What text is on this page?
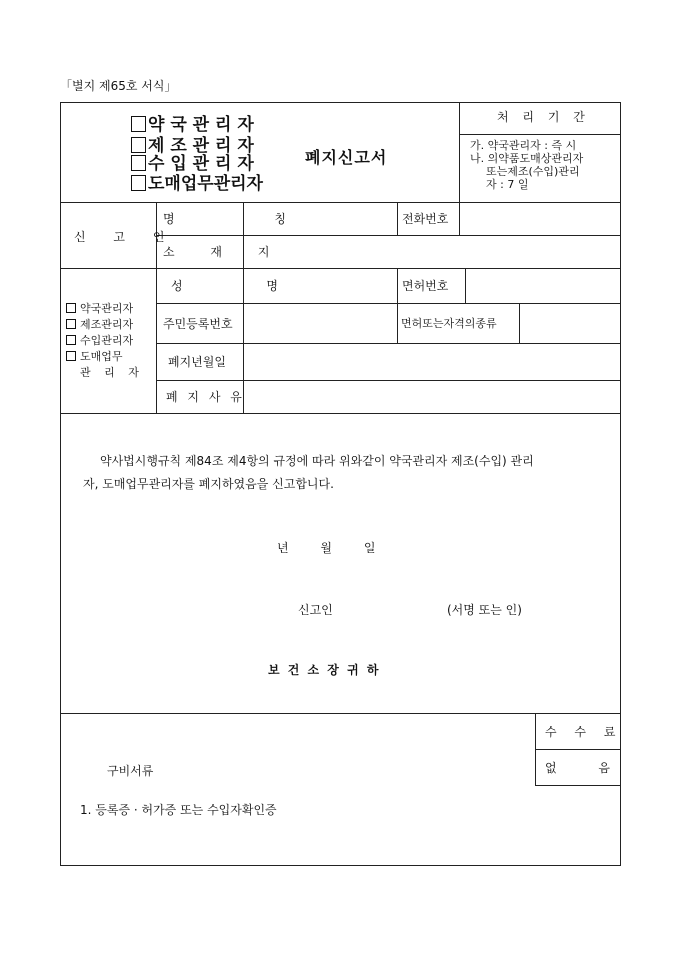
「별지 제65호 서식」
약 국 관 리 자
제 조 관 리 자
수 입 관 리 자
도매업무관리자
폐지신고서
처 리 기 간
가. 약국관리자 : 즉 시
나. 의약품도매상관리자
또는제조(수입)관리
자 : 7 일
신 고 인
명 칭	전화번호
소 재 지
약국관리자
제조관리자
수입관리자
도매업무
관 리 자
성 명	면허번호
주민등록번호	면허또는자격의종류
폐지년월일
폐 지 사 유
약사법시행규칙 제84조 제4항의 규정에 따라 위와같이 약국관리자 제조(수입) 관리
자, 도매업무관리자를 폐지하였음을 신고합니다.
년 월 일
신고인	(서명 또는 인)
보 건 소 장 귀 하
수 수 료
없 음
구비서류
1. 등록증 · 허가증 또는 수입자확인증
